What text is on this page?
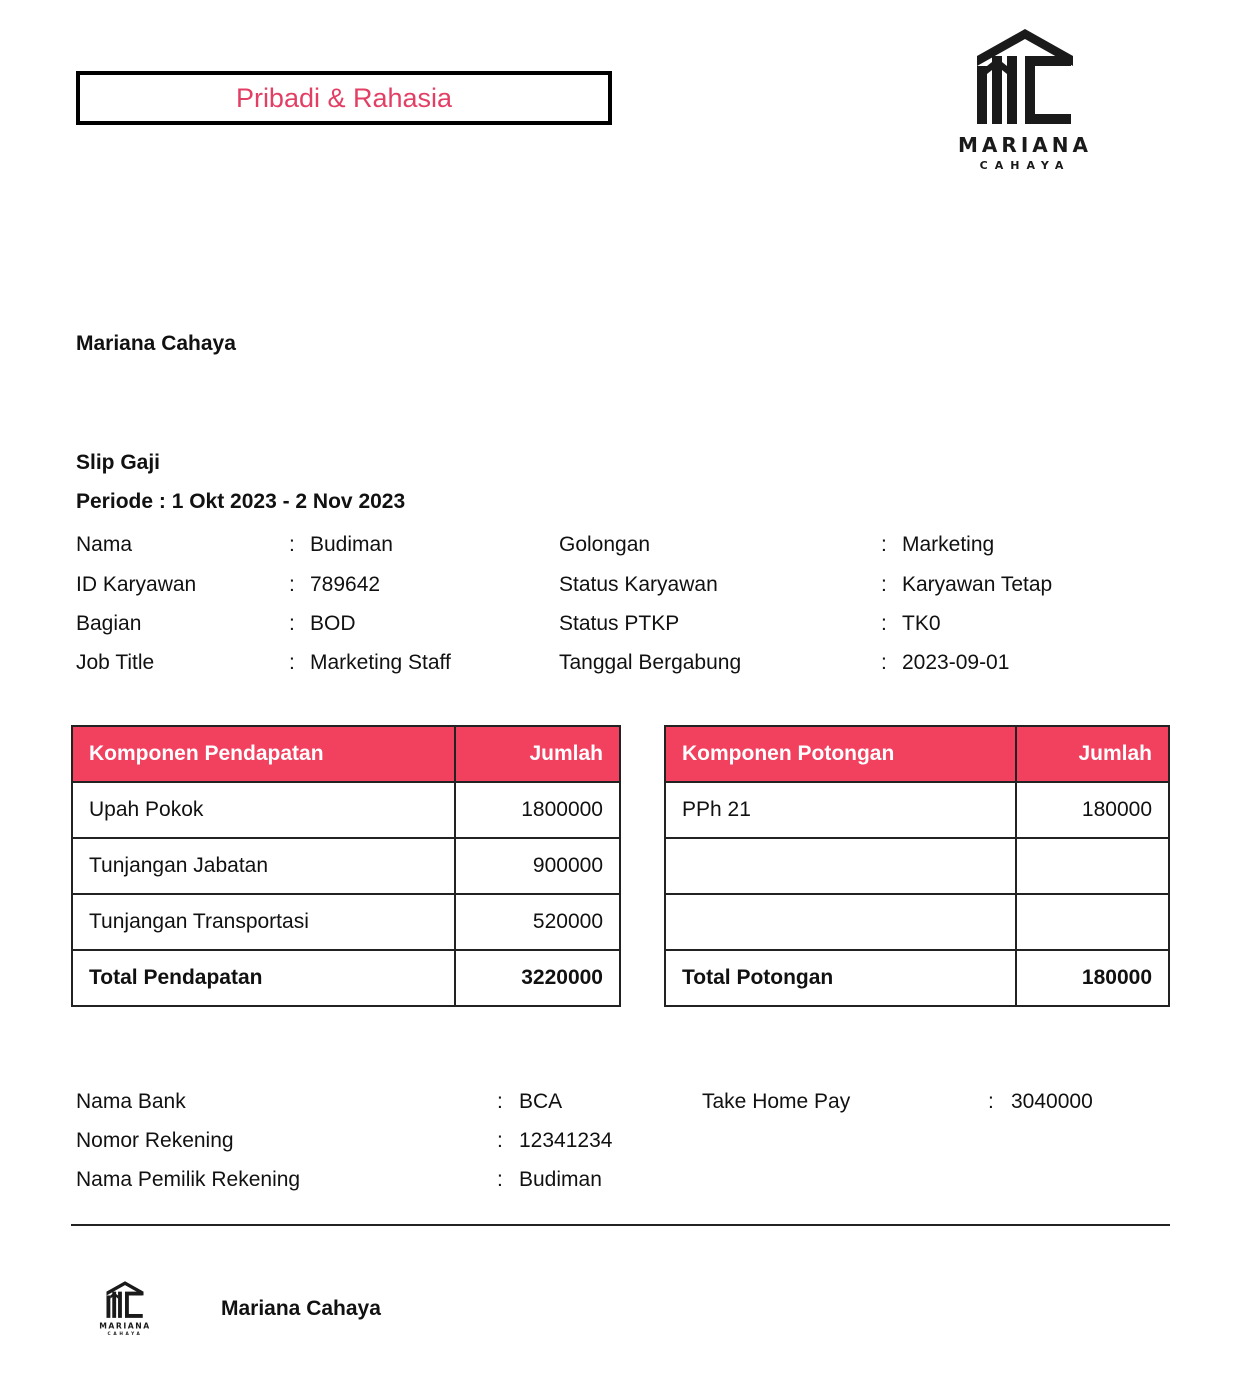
Pribadi & Rahasia
MARIANA
CAHAYA
Mariana Cahaya
Slip Gaji
Periode : 1 Okt 2023 - 2 Nov 2023
Nama	: Budiman	Golongan	: Marketing
ID Karyawan	: 789642	Status Karyawan	: Karyawan Tetap
Bagian	: BOD	Status PTKP	: TK0
Job Title	: Marketing Staff	Tanggal Bergabung	: 2023-09-01
Komponen Pendapatan	Jumlah
Upah Pokok	1800000
Tunjangan Jabatan	900000
Tunjangan Transportasi	520000
Total Pendapatan	3220000
Komponen Potongan	Jumlah
PPh 21	180000

Total Potongan	180000
Nama Bank	: BCA	Take Home Pay	: 3040000
Nomor Rekening	: 12341234
Nama Pemilik Rekening	: Budiman
MARIANA
CAHAYA
Mariana Cahaya
